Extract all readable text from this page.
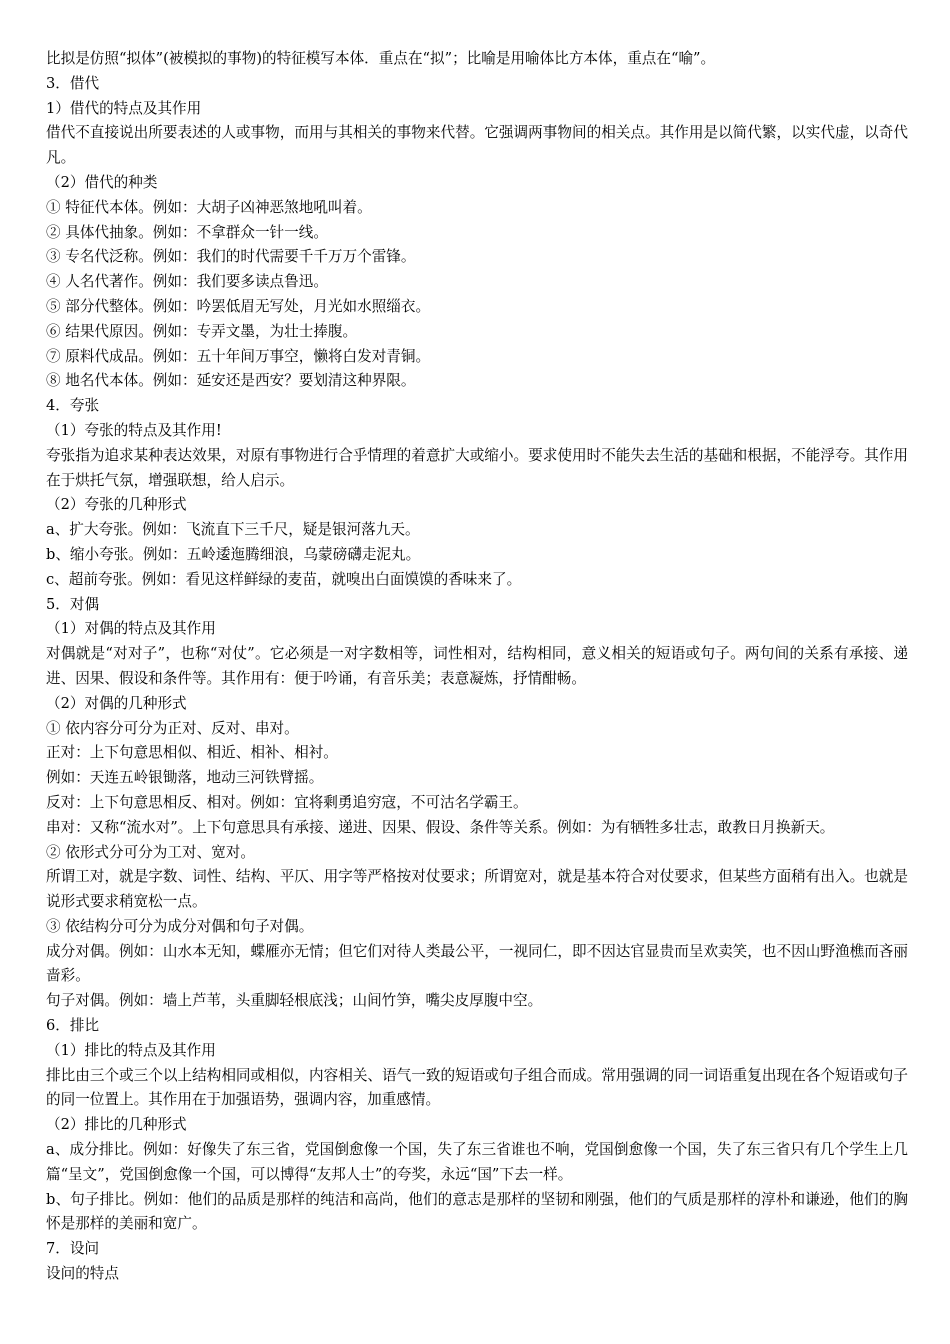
比拟是仿照“拟体”(被模拟的事物)的特征模写本体．重点在“拟”；比喻是用喻体比方本体，重点在“喻”。

3．借代

1）借代的特点及其作用

借代不直接说出所要表述的人或事物，而用与其相关的事物来代替。它强调两事物间的相关点。其作用是以简代繁，以实代虚，以奇代凡。

（2）借代的种类

① 特征代本体。例如：大胡子凶神恶煞地吼叫着。

② 具体代抽象。例如：不拿群众一针一线。

③ 专名代泛称。例如：我们的时代需要千千万万个雷锋。

④ 人名代著作。例如：我们要多读点鲁迅。

⑤ 部分代整体。例如：吟罢低眉无写处，月光如水照缁衣。

⑥ 结果代原因。例如：专弄文墨，为壮士捧腹。

⑦ 原料代成品。例如：五十年间万事空，懒将白发对青铜。

⑧ 地名代本体。例如：延安还是西安？要划清这种界限。

4．夸张

（1）夸张的特点及其作用!

夸张指为追求某种表达效果，对原有事物进行合乎情理的着意扩大或缩小。要求使用时不能失去生活的基础和根据，不能浮夸。其作用在于烘托气氛，增强联想，给人启示。

（2）夸张的几种形式

a、扩大夸张。例如：飞流直下三千尺，疑是银河落九天。

b、缩小夸张。例如：五岭逶迤腾细浪，乌蒙磅礴走泥丸。

c、超前夸张。例如：看见这样鲜绿的麦苗，就嗅出白面馍馍的香味来了。

5．对偶

（1）对偶的特点及其作用

对偶就是“对对子”，也称“对仗”。它必须是一对字数相等，词性相对，结构相同，意义相关的短语或句子。两句间的关系有承接、递进、因果、假设和条件等。其作用有：便于吟诵，有音乐美；表意凝炼，抒情酣畅。

（2）对偶的几种形式

① 依内容分可分为正对、反对、串对。

正对：上下句意思相似、相近、相补、相衬。

例如：天连五岭银锄落，地动三河铁臂摇。

反对：上下句意思相反、相对。例如：宜将剩勇追穷寇，不可沽名学霸王。

串对：又称“流水对”。上下句意思具有承接、递进、因果、假设、条件等关系。例如：为有牺牲多壮志，敢教日月换新天。

② 依形式分可分为工对、宽对。

所谓工对，就是字数、词性、结构、平仄、用字等严格按对仗要求；所谓宽对，就是基本符合对仗要求，但某些方面稍有出入。也就是说形式要求稍宽松一点。

③ 依结构分可分为成分对偶和句子对偶。

成分对偶。例如：山水本无知，蝶雁亦无情；但它们对待人类最公平，一视同仁，即不因达官显贵而呈欢卖笑，也不因山野渔樵而吝丽啬彩。

句子对偶。例如：墙上芦苇，头重脚轻根底浅；山间竹笋，嘴尖皮厚腹中空。

6．排比

（1）排比的特点及其作用

排比由三个或三个以上结构相同或相似，内容相关、语气一致的短语或句子组合而成。常用强调的同一词语重复出现在各个短语或句子的同一位置上。其作用在于加强语势，强调内容，加重感情。

（2）排比的几种形式

a、成分排比。例如：好像失了东三省，党国倒愈像一个国，失了东三省谁也不响，党国倒愈像一个国，失了东三省只有几个学生上几篇“呈文”，党国倒愈像一个国，可以博得“友邦人士”的夸奖，永远“国”下去一样。

b、句子排比。例如：他们的品质是那样的纯洁和高尚，他们的意志是那样的坚韧和刚强，他们的气质是那样的淳朴和谦逊，他们的胸怀是那样的美丽和宽广。

7．设问

设问的特点
